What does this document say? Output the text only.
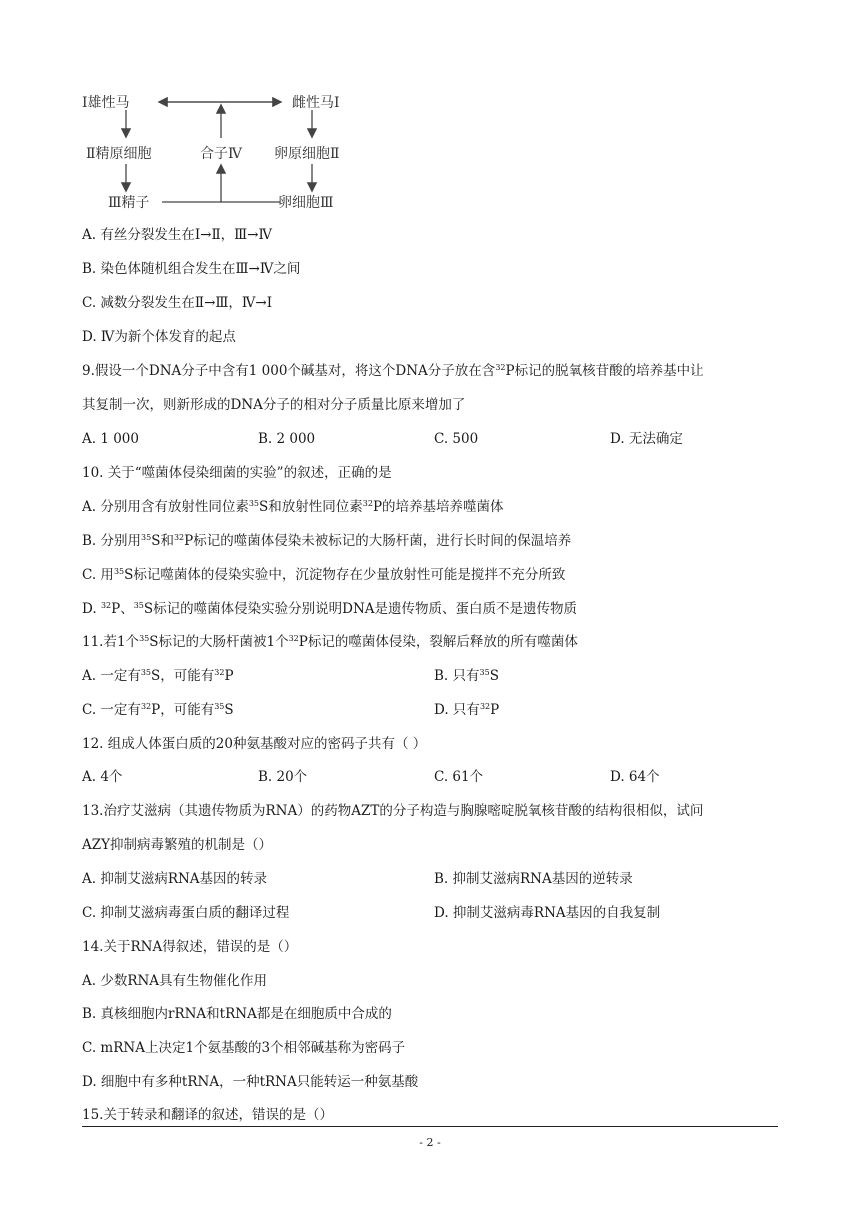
Ⅰ雄性马	雌性马Ⅰ
Ⅱ精原细胞	合子Ⅳ 卵原细胞Ⅱ
Ⅲ精子	卵细胞Ⅲ
A. 有丝分裂发生在Ⅰ→Ⅱ，Ⅲ→Ⅳ
B. 染色体随机组合发生在Ⅲ→Ⅳ之间
C. 减数分裂发生在Ⅱ→Ⅲ，Ⅳ→Ⅰ
D. Ⅳ为新个体发育的起点
9.假设一个DNA分子中含有1 000个碱基对，将这个DNA分子放在含$^{32}$P标记的脱氧核苷酸的培养基中让
其复制一次，则新形成的DNA分子的相对分子质量比原来增加了
A. 1 000	B. 2 000	C. 500	D. 无法确定
10. 关于“噬菌体侵染细菌的实验”的叙述，正确的是
A. 分别用含有放射性同位素$^{35}$S和放射性同位素$^{32}$P的培养基培养噬菌体
B. 分别用$^{35}$S和$^{32}$P标记的噬菌体侵染未被标记的大肠杆菌，进行长时间的保温培养
C. 用$^{35}$S标记噬菌体的侵染实验中，沉淀物存在少量放射性可能是搅拌不充分所致
D. $^{32}$P、$^{35}$S标记的噬菌体侵染实验分别说明DNA是遗传物质、蛋白质不是遗传物质
11.若1个$^{35}$S标记的大肠杆菌被1个$^{32}$P标记的噬菌体侵染，裂解后释放的所有噬菌体
A. 一定有$^{35}$S，可能有$^{32}$P	B. 只有$^{35}$S
C. 一定有$^{32}$P，可能有$^{35}$S	D. 只有$^{32}$P
12. 组成人体蛋白质的20种氨基酸对应的密码子共有（ ）
A. 4个	B. 20个	C. 61个	D. 64个
13.治疗艾滋病（其遗传物质为RNA）的药物AZT的分子构造与胸腺嘧啶脱氧核苷酸的结构很相似，试问
AZY抑制病毒繁殖的机制是（）
A. 抑制艾滋病RNA基因的转录	B. 抑制艾滋病RNA基因的逆转录
C. 抑制艾滋病毒蛋白质的翻译过程	D. 抑制艾滋病毒RNA基因的自我复制
14.关于RNA得叙述，错误的是（）
A. 少数RNA具有生物催化作用
B. 真核细胞内rRNA和tRNA都是在细胞质中合成的
C. mRNA上决定1个氨基酸的3个相邻碱基称为密码子
D. 细胞中有多种tRNA，一种tRNA只能转运一种氨基酸
15.关于转录和翻译的叙述，错误的是（）
- 2 -
